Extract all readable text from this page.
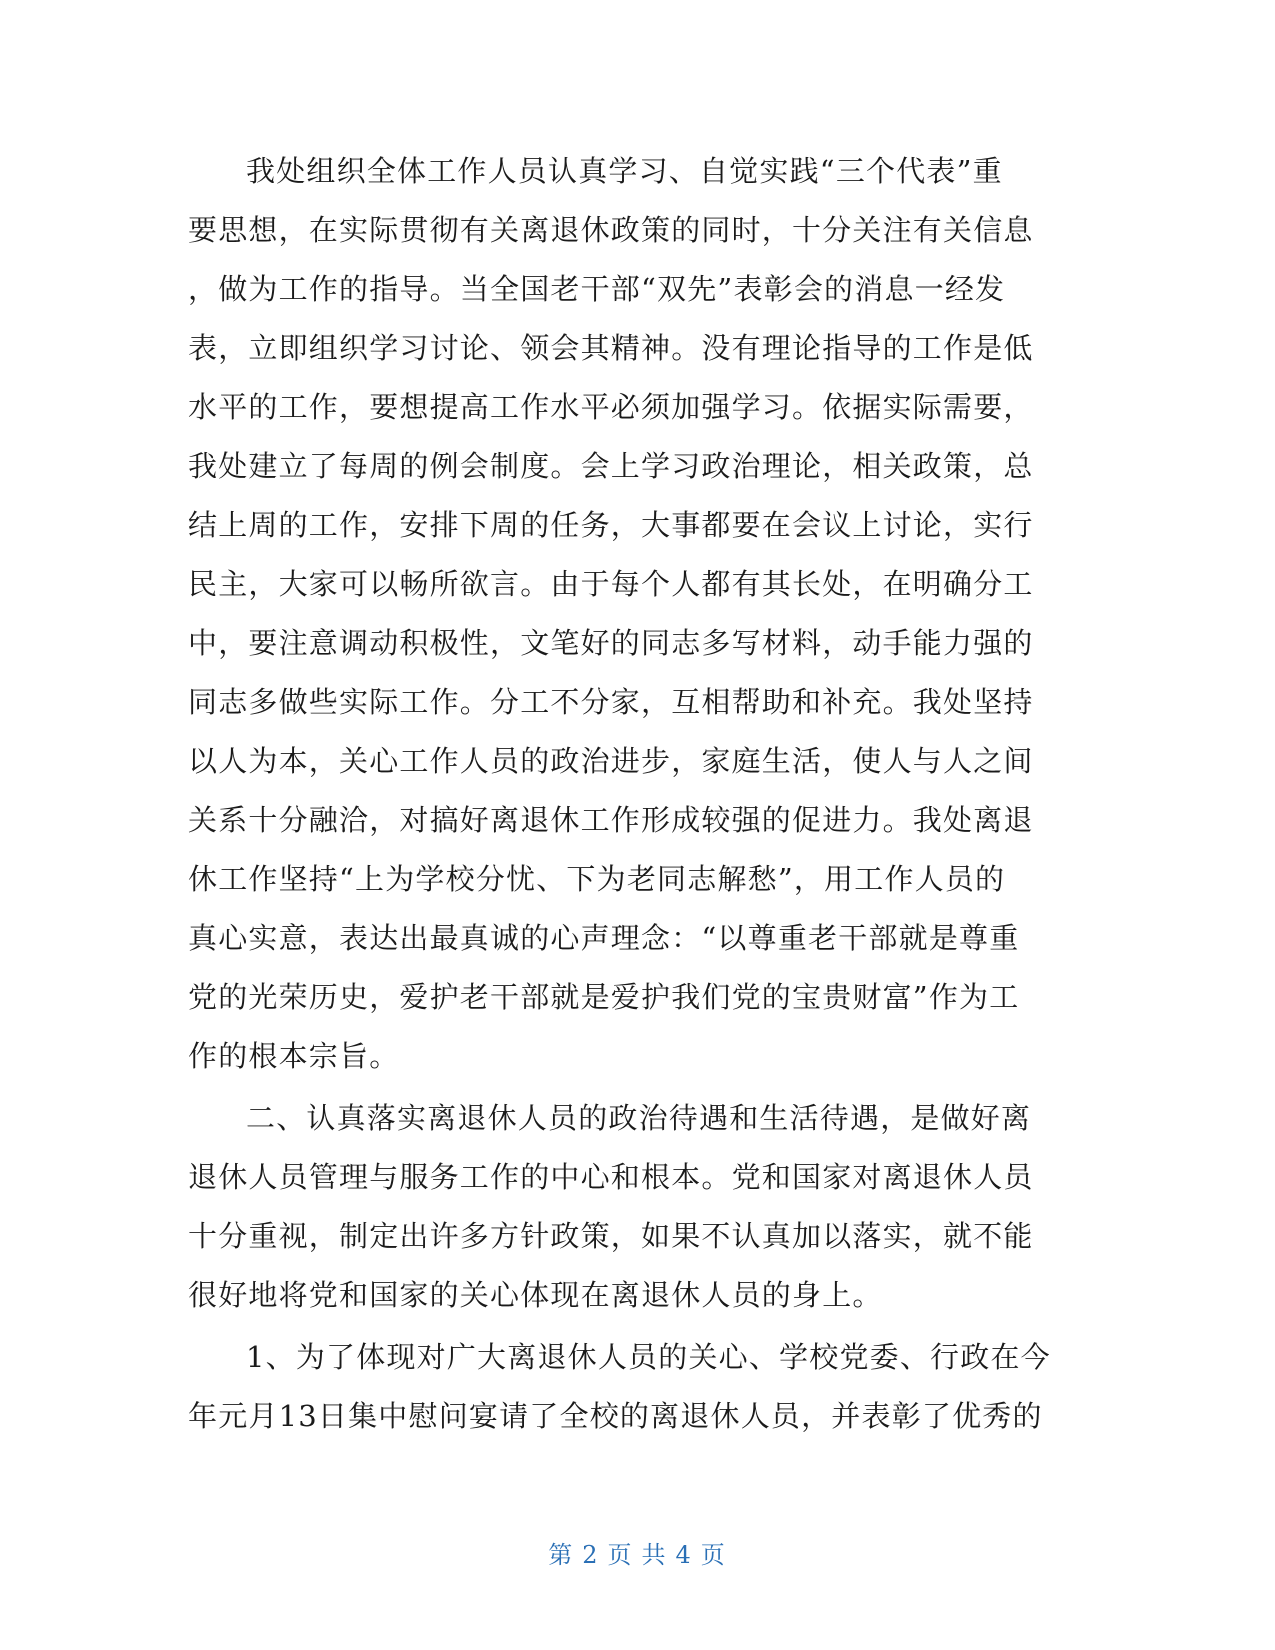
我处组织全体工作人员认真学习、自觉实践“三个代表”重
要思想，在实际贯彻有关离退休政策的同时，十分关注有关信息
，做为工作的指导。当全国老干部“双先”表彰会的消息一经发
表，立即组织学习讨论、领会其精神。没有理论指导的工作是低
水平的工作，要想提高工作水平必须加强学习。依据实际需要，
我处建立了每周的例会制度。会上学习政治理论，相关政策，总
结上周的工作，安排下周的任务，大事都要在会议上讨论，实行
民主，大家可以畅所欲言。由于每个人都有其长处，在明确分工
中，要注意调动积极性，文笔好的同志多写材料，动手能力强的
同志多做些实际工作。分工不分家，互相帮助和补充。我处坚持
以人为本，关心工作人员的政治进步，家庭生活，使人与人之间
关系十分融洽，对搞好离退休工作形成较强的促进力。我处离退
休工作坚持“上为学校分忧、下为老同志解愁”，用工作人员的
真心实意，表达出最真诚的心声理念：“以尊重老干部就是尊重
党的光荣历史，爱护老干部就是爱护我们党的宝贵财富”作为工
作的根本宗旨。
二、认真落实离退休人员的政治待遇和生活待遇，是做好离
退休人员管理与服务工作的中心和根本。党和国家对离退休人员
十分重视，制定出许多方针政策，如果不认真加以落实，就不能
很好地将党和国家的关心体现在离退休人员的身上。
1、为了体现对广大离退休人员的关心、学校党委、行政在今
年元月13日集中慰问宴请了全校的离退休人员，并表彰了优秀的
第 2 页 共 4 页
